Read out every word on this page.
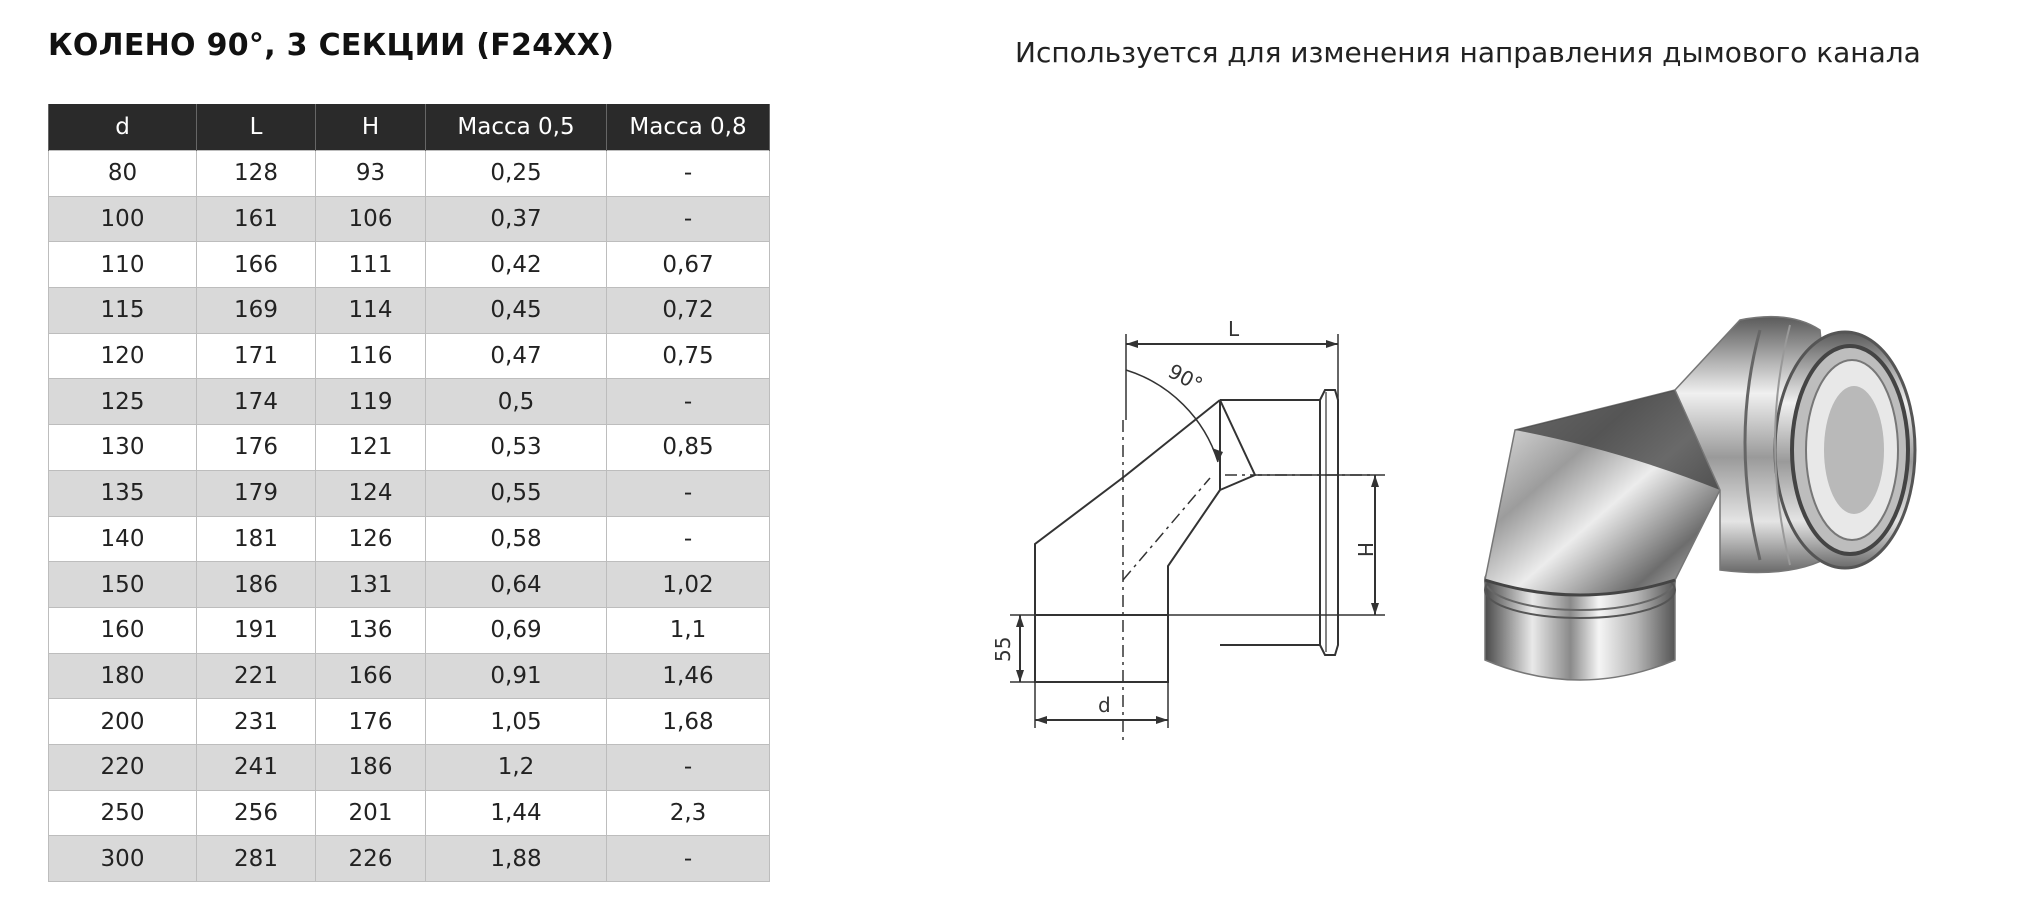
КОЛЕНО 90°, 3 СЕКЦИИ (F24XX)	Используется для изменения направления дымового канала
d	L	H	Масса 0,5	Масса 0,8
80	128	93	0,25	-
100	161	106	0,37	-
110	166	111	0,42	0,67
115	169	114	0,45	0,72
120	171	116	0,47	0,75
125	174	119	0,5	-
130	176	121	0,53	0,85
135	179	124	0,55	-
140	181	126	0,58	-
150	186	131	0,64	1,02
160	191	136	0,69	1,1
180	221	166	0,91	1,46
200	231	176	1,05	1,68
220	241	186	1,2	-
250	256	201	1,44	2,3
300	281	226	1,88	-
L
90°
H
55
d
